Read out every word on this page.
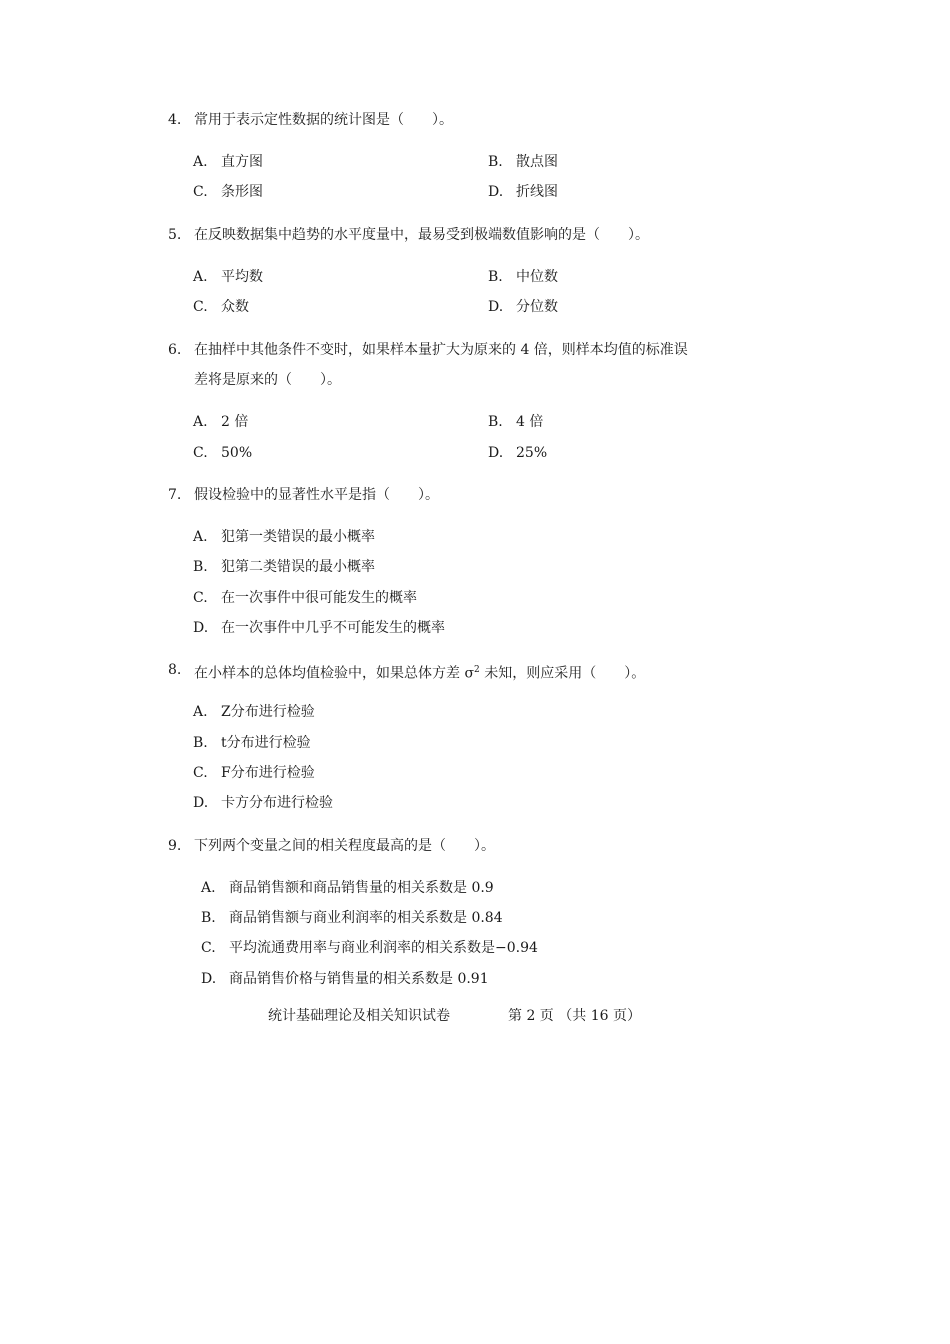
4. 常用于表示定性数据的统计图是（　　）。
A. 直方图	B. 散点图
C. 条形图	D. 折线图
5. 在反映数据集中趋势的水平度量中，最易受到极端数值影响的是（　　）。
A. 平均数	B. 中位数
C. 众数	D. 分位数
6. 在抽样中其他条件不变时，如果样本量扩大为原来的 4 倍，则样本均值的标准误
差将是原来的（　　）。
A. 2 倍	B. 4 倍
C. 50%	D. 25%
7. 假设检验中的显著性水平是指（　　）。
A. 犯第一类错误的最小概率
B. 犯第二类错误的最小概率
C. 在一次事件中很可能发生的概率
D. 在一次事件中几乎不可能发生的概率
8. 在小样本的总体均值检验中，如果总体方差 $\sigma^2$ 未知，则应采用（　　）。
A. Z分布进行检验
B. t分布进行检验
C. F分布进行检验
D. 卡方分布进行检验
9. 下列两个变量之间的相关程度最高的是（　　）。
A. 商品销售额和商品销售量的相关系数是 0.9
B. 商品销售额与商业利润率的相关系数是 0.84
C. 平均流通费用率与商业利润率的相关系数是−0.94
D. 商品销售价格与销售量的相关系数是 0.91
统计基础理论及相关知识试卷	第 2 页 （共 16 页）
